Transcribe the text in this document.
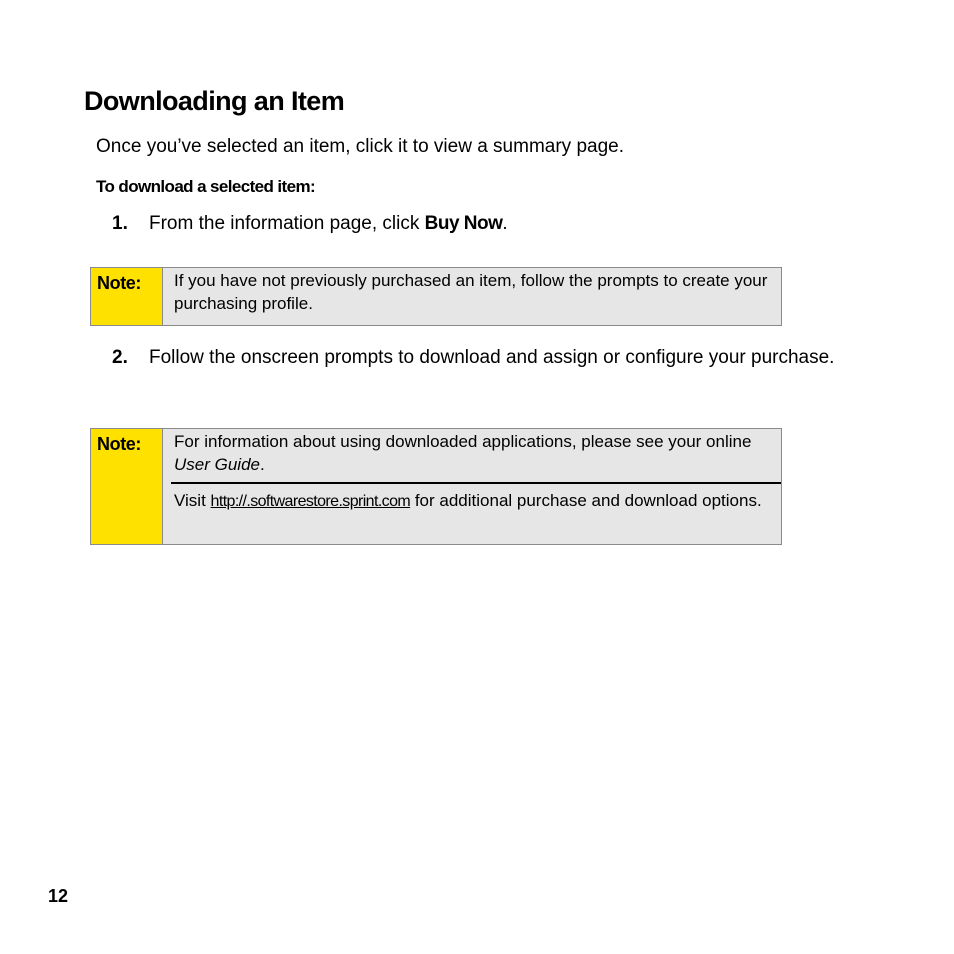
Downloading an Item

Once you’ve selected an item, click it to view a summary page.

To download a selected item:

1. From the information page, click Buy Now.
Note:	If you have not previously purchased an item, follow the prompts to create your purchasing profile.
2. Follow the onscreen prompts to download and assign or configure your purchase.
Note:	For information about using downloaded applications, please see your online User Guide.
Visit http://.softwarestore.sprint.com for additional purchase and download options.
12
